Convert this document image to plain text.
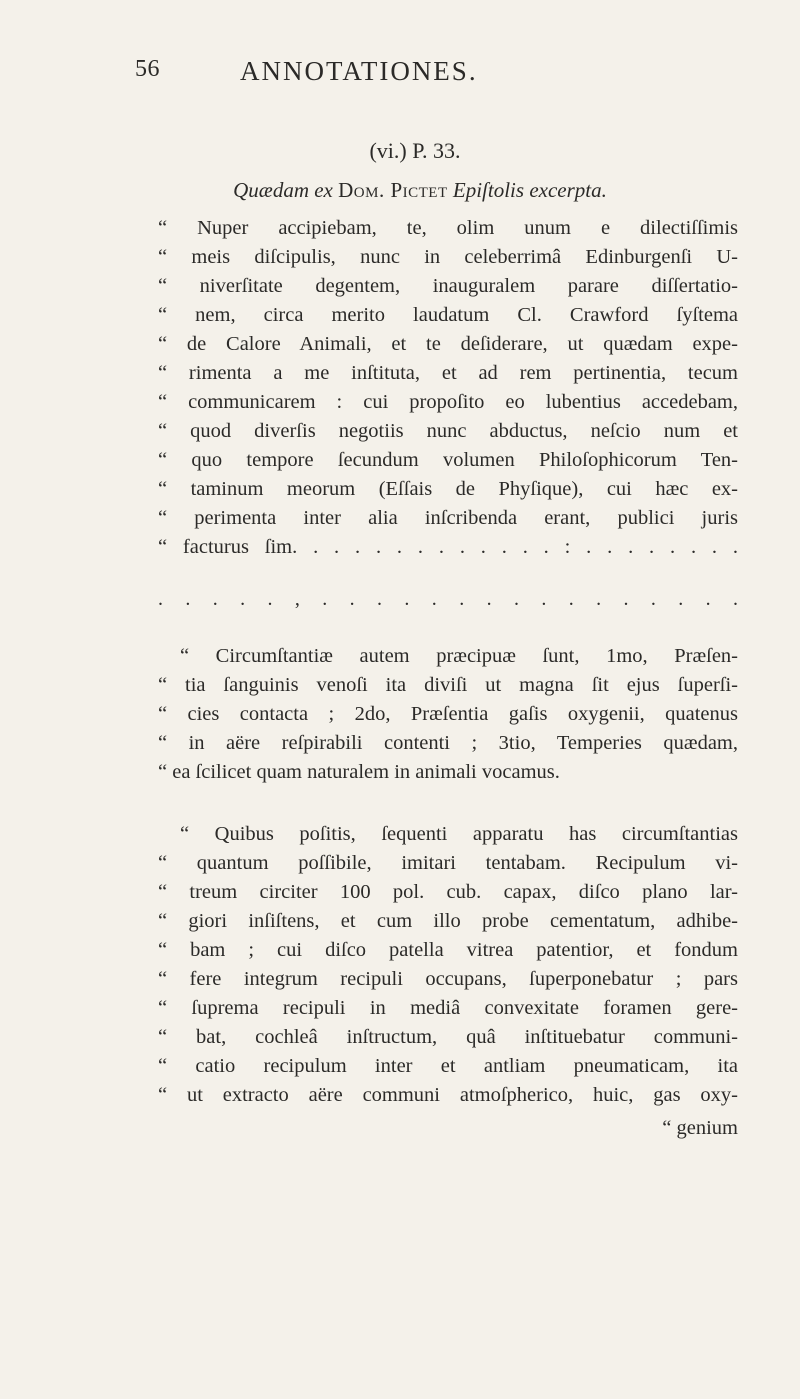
56	ANNOTATIONES.
(vi.) P. 33.
Quædam ex Dom. Pictet Epiſtolis excerpta.
“ Nuper accipiebam, te, olim unum e dilectiſſimis
“ meis diſcipulis, nunc in celeberrimâ Edinburgenſi U-
“ niverſitate degentem, inauguralem parare diſſertatio-
“ nem, circa merito laudatum Cl. Crawford ſyſtema
“ de Calore Animali, et te deſiderare, ut quædam expe-
“ rimenta a me inſtituta, et ad rem pertinentia, tecum
“ communicarem : cui propoſito eo lubentius accedebam,
“ quod diverſis negotiis nunc abductus, neſcio num et
“ quo tempore ſecundum volumen Philoſophicorum Ten-
“ taminum meorum (Eſſais de Phyſique), cui hæc ex-
“ perimenta inter alia inſcribenda erant, publici juris
“ facturus ſim. . . . . . . . . . . . . : . . . . . . . .
. . . . . , . . . . . . . . . . . . . . . .
“ Circumſtantiæ autem præcipuæ ſunt, 1mo, Præſen-
“ tia ſanguinis venoſi ita diviſi ut magna ſit ejus ſuperſi-
“ cies contacta ; 2do, Præſentia gaſis oxygenii, quatenus
“ in aëre reſpirabili contenti ; 3tio, Temperies quædam,
“ ea ſcilicet quam naturalem in animali vocamus.
“ Quibus poſitis, ſequenti apparatu has circumſtantias
“ quantum poſſibile, imitari tentabam. Recipulum vi-
“ treum circiter 100 pol. cub. capax, diſco plano lar-
“ giori inſiſtens, et cum illo probe cementatum, adhibe-
“ bam ; cui diſco patella vitrea patentior, et fondum
“ fere integrum recipuli occupans, ſuperponebatur ; pars
“ ſuprema recipuli in mediâ convexitate foramen gere-
“ bat, cochleâ inſtructum, quâ inſtituebatur communi-
“ catio recipulum inter et antliam pneumaticam, ita
“ ut extracto aëre communi atmoſpherico, huic, gas oxy-
“ genium
